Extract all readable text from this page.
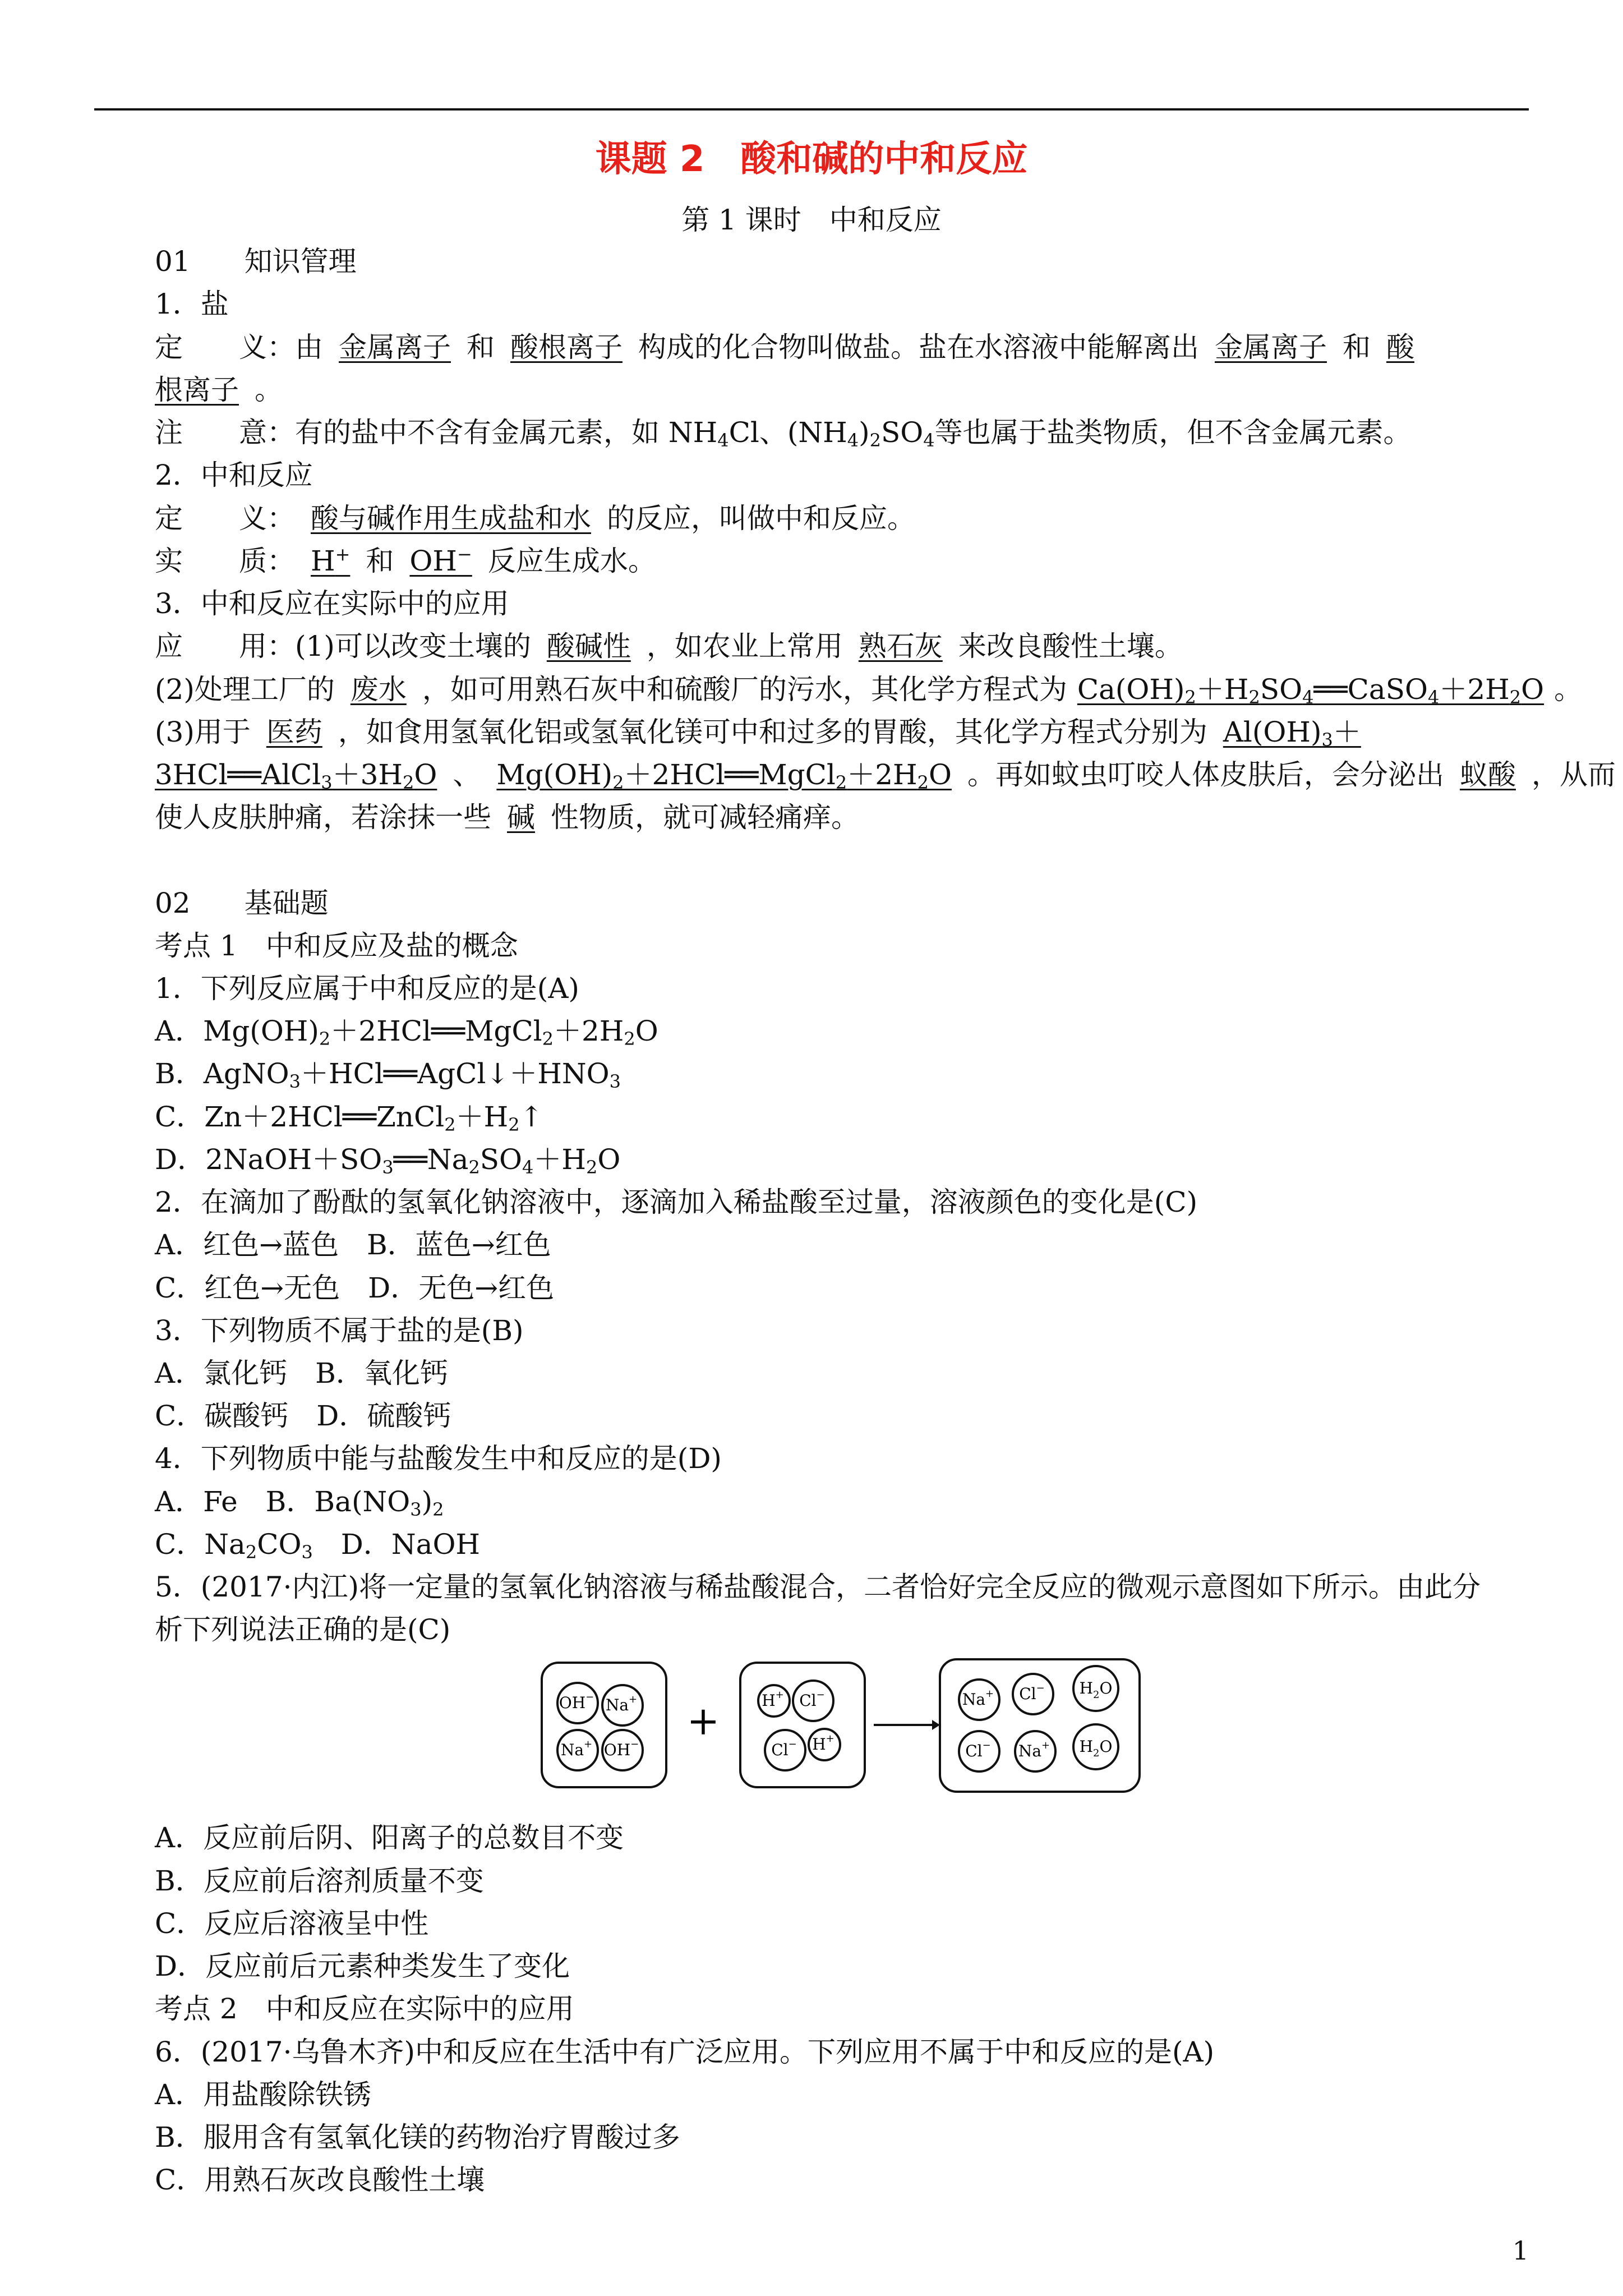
课题 2　酸和碱的中和反应
第 1 课时　中和反应
01 知识管理
1．盐
定　　义：由 金属离子 和 酸根离子 构成的化合物叫做盐。盐在水溶液中能解离出 金属离子 和 酸
根离子 。
注　　意：有的盐中不含有金属元素，如 $NH_4Cl$、$(NH_4)_2SO_4$等也属于盐类物质，但不含金属元素。
2．中和反应
定　　义： 酸与碱作用生成盐和水 的反应，叫做中和反应。
实　　质： H+ 和 OH− 反应生成水。
3．中和反应在实际中的应用
应　　用：(1)可以改变土壤的 酸碱性 ，如农业上常用 熟石灰 来改良酸性土壤。
(2)处理工厂的 废水 ，如可用熟石灰中和硫酸厂的污水，其化学方程式为 $Ca(OH)_2+H_2SO_4══CaSO_4+2H_2O$ 。
(3)用于 医药 ，如食用氢氧化铝或氢氧化镁可中和过多的胃酸，其化学方程式分别为 $Al(OH)_3+$
$3HCl══AlCl_3+3H_2O$ 、 $Mg(OH)_2+2HCl══MgCl_2+2H_2O$ 。再如蚊虫叮咬人体皮肤后，会分泌出 蚁酸 ，从而
使人皮肤肿痛，若涂抹一些 碱 性物质，就可减轻痛痒。
02 基础题
考点 1　中和反应及盐的概念
1．下列反应属于中和反应的是(A)
A．$Mg(OH)_2+2HCl══MgCl_2+2H_2O$
B．$AgNO_3+HCl══AgCl↓+HNO_3$
C．$Zn+2HCl══ZnCl_2+H_2↑$
D．$2NaOH+SO_3══Na_2SO_4+H_2O$
2．在滴加了酚酞的氢氧化钠溶液中，逐滴加入稀盐酸至过量，溶液颜色的变化是(C)
A．红色→蓝色　B．蓝色→红色
C．红色→无色　D．无色→红色
3．下列物质不属于盐的是(B)
A．氯化钙　B．氧化钙
C．碳酸钙　D．硫酸钙
4．下列物质中能与盐酸发生中和反应的是(D)
A．Fe　B．$Ba(NO_3)_2$
C．$Na_2CO_3$　D．NaOH
5．(2017·内江)将一定量的氢氧化钠溶液与稀盐酸混合，二者恰好完全反应的微观示意图如下所示。由此分
析下列说法正确的是(C)
+
OH− Na+
Na+ OH−
H+ Cl−
Cl− H+
Na+ Cl− $H_2O$
Cl− Na+ $H_2O$
A．反应前后阴、阳离子的总数目不变
B．反应前后溶剂质量不变
C．反应后溶液呈中性
D．反应前后元素种类发生了变化
考点 2　中和反应在实际中的应用
6．(2017·乌鲁木齐)中和反应在生活中有广泛应用。下列应用不属于中和反应的是(A)
A．用盐酸除铁锈
B．服用含有氢氧化镁的药物治疗胃酸过多
C．用熟石灰改良酸性土壤
1
